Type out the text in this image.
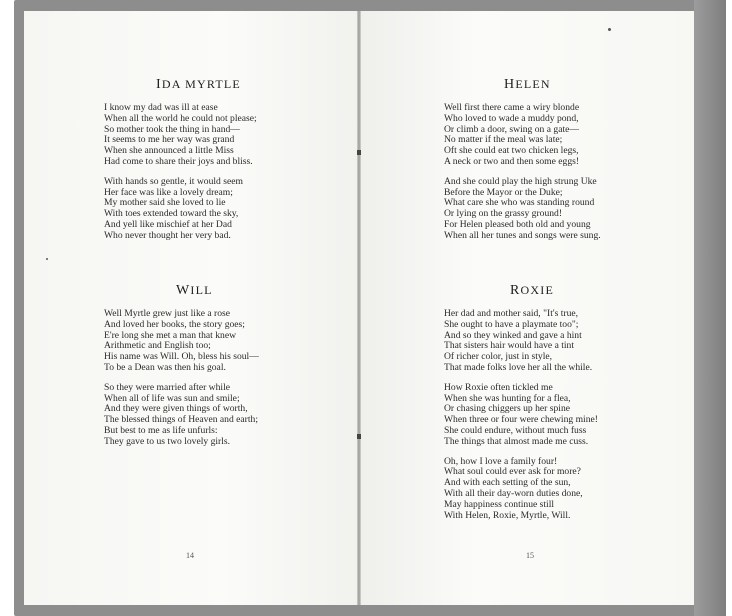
IDA MYRTLE
I know my dad was ill at ease
When all the world he could not please;
So mother took the thing in hand—
It seems to me her way was grand
When she announced a little Miss
Had come to share their joys and bliss.
With hands so gentle, it would seem
Her face was like a lovely dream;
My mother said she loved to lie
With toes extended toward the sky,
And yell like mischief at her Dad
Who never thought her very bad.
WILL
Well Myrtle grew just like a rose
And loved her books, the story goes;
E're long she met a man that knew
Arithmetic and English too;
His name was Will. Oh, bless his soul—
To be a Dean was then his goal.
So they were married after while
When all of life was sun and smile;
And they were given things of worth,
The blessed things of Heaven and earth;
But best to me as life unfurls:
They gave to us two lovely girls.
14
HELEN
Well first there came a wiry blonde
Who loved to wade a muddy pond,
Or climb a door, swing on a gate—
No matter if the meal was late;
Oft she could eat two chicken legs,
A neck or two and then some eggs!
And she could play the high strung Uke
Before the Mayor or the Duke;
What care she who was standing round
Or lying on the grassy ground!
For Helen pleased both old and young
When all her tunes and songs were sung.
ROXIE
Her dad and mother said, "It's true,
She ought to have a playmate too";
And so they winked and gave a hint
That sisters hair would have a tint
Of richer color, just in style,
That made folks love her all the while.
How Roxie often tickled me
When she was hunting for a flea,
Or chasing chiggers up her spine
When three or four were chewing mine!
She could endure, without much fuss
The things that almost made me cuss.
Oh, how I love a family four!
What soul could ever ask for more?
And with each setting of the sun,
With all their day-worn duties done,
May happiness continue still
With Helen, Roxie, Myrtle, Will.
15
